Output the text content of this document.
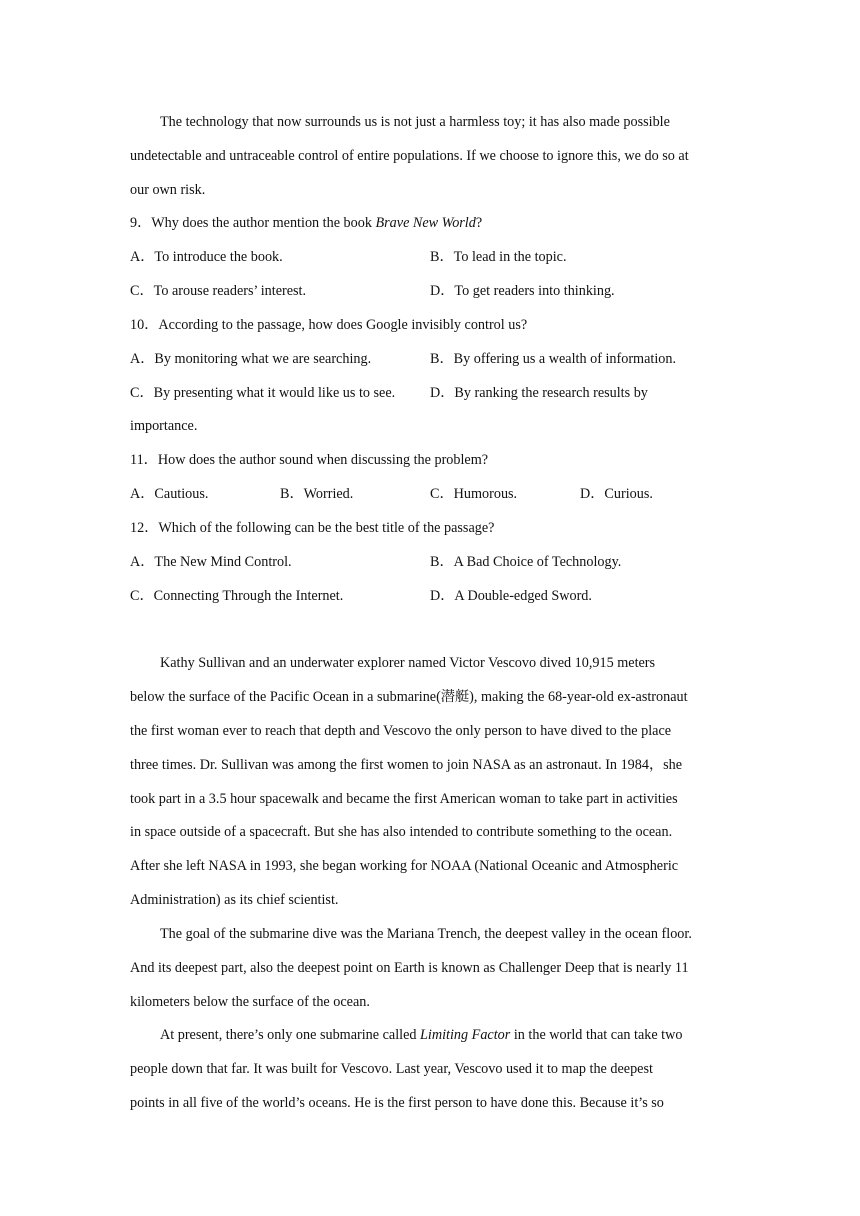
The technology that now surrounds us is not just a harmless toy; it has also made possible
undetectable and untraceable control of entire populations. If we choose to ignore this, we do so at
our own risk.
9．Why does the author mention the book Brave New World?
A．To introduce the book.	B．To lead in the topic.
C．To arouse readers’ interest.	D．To get readers into thinking.
10．According to the passage, how does Google invisibly control us?
A．By monitoring what we are searching.	B．By offering us a wealth of information.
C．By presenting what it would like us to see. D．By ranking the research results by
importance.
11．How does the author sound when discussing the problem?
A．Cautious.	B．Worried.	C．Humorous.	D．Curious.
12．Which of the following can be the best title of the passage?
A．The New Mind Control.	B．A Bad Choice of Technology.
C．Connecting Through the Internet.	D．A Double-edged Sword.
Kathy Sullivan and an underwater explorer named Victor Vescovo dived 10,915 meters
below the surface of the Pacific Ocean in a submarine(潜艇), making the 68-year-old ex-astronaut
the first woman ever to reach that depth and Vescovo the only person to have dived to the place
three times. Dr. Sullivan was among the first women to join NASA as an astronaut. In 1984，she
took part in a 3.5 hour spacewalk and became the first American woman to take part in activities
in space outside of a spacecraft. But she has also intended to contribute something to the ocean.
After she left NASA in 1993, she began working for NOAA (National Oceanic and Atmospheric
Administration) as its chief scientist.
The goal of the submarine dive was the Mariana Trench, the deepest valley in the ocean floor.
And its deepest part, also the deepest point on Earth is known as Challenger Deep that is nearly 11
kilometers below the surface of the ocean.
At present, there’s only one submarine called Limiting Factor in the world that can take two
people down that far. It was built for Vescovo. Last year, Vescovo used it to map the deepest
points in all five of the world’s oceans. He is the first person to have done this. Because it’s so
